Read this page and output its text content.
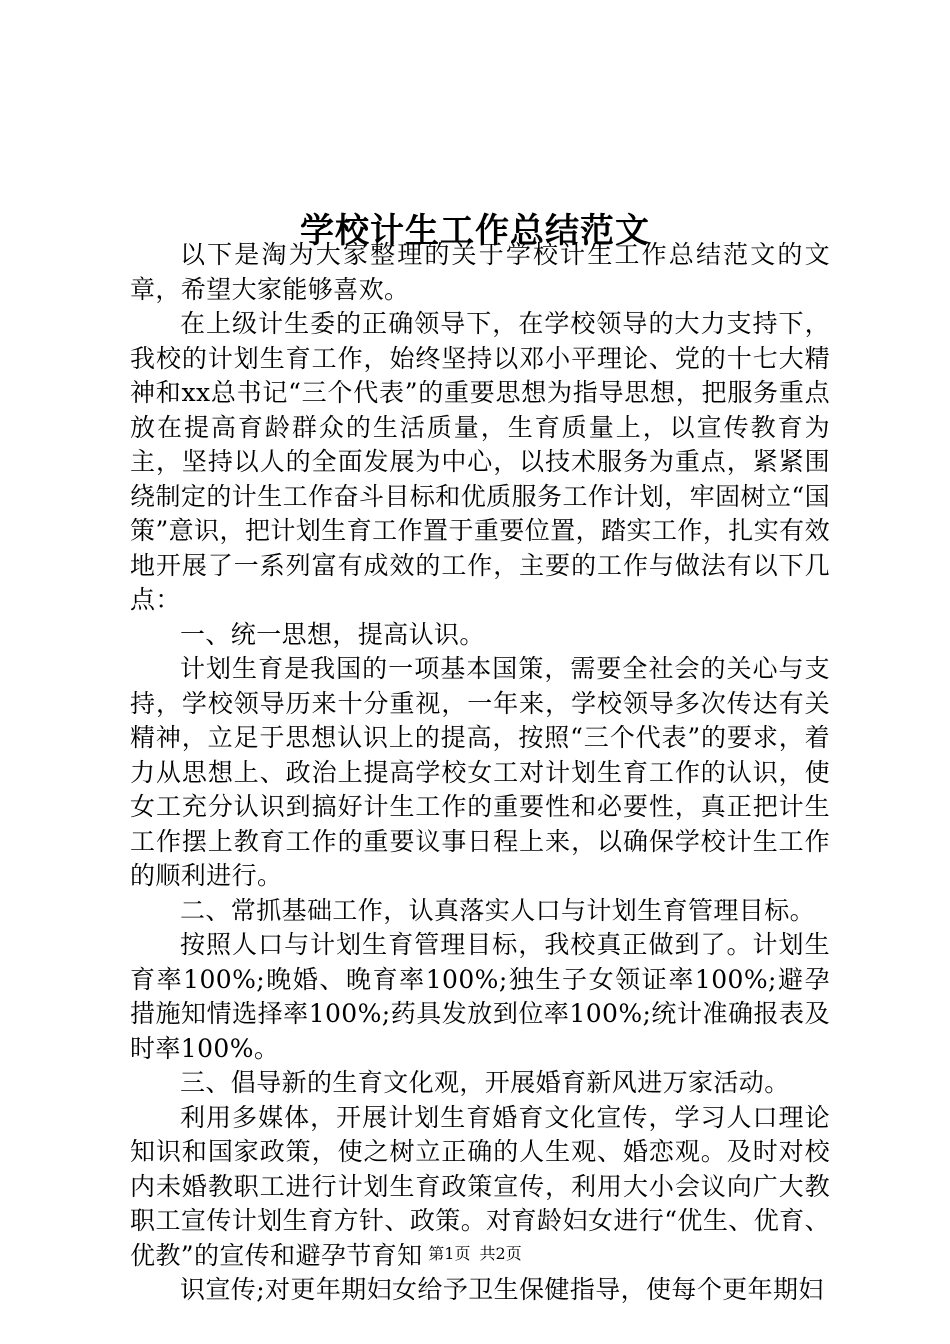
学校计生工作总结范文

以下是淘为大家整理的关于学校计生工作总结范文的文章，希望大家能够喜欢。

在上级计生委的正确领导下，在学校领导的大力支持下，我校的计划生育工作，始终坚持以邓小平理论、党的十七大精神和xx总书记“三个代表”的重要思想为指导思想，把服务重点放在提高育龄群众的生活质量，生育质量上，以宣传教育为主，坚持以人的全面发展为中心，以技术服务为重点，紧紧围绕制定的计生工作奋斗目标和优质服务工作计划，牢固树立“国策”意识，把计划生育工作置于重要位置，踏实工作，扎实有效地开展了一系列富有成效的工作，主要的工作与做法有以下几点：

一、统一思想，提高认识。

计划生育是我国的一项基本国策，需要全社会的关心与支持，学校领导历来十分重视，一年来，学校领导多次传达有关精神，立足于思想认识上的提高，按照“三个代表”的要求，着力从思想上、政治上提高学校女工对计划生育工作的认识，使女工充分认识到搞好计生工作的重要性和必要性，真正把计生工作摆上教育工作的重要议事日程上来，以确保学校计生工作的顺利进行。

二、常抓基础工作，认真落实人口与计划生育管理目标。

按照人口与计划生育管理目标，我校真正做到了。计划生育率100%;晚婚、晚育率100%;独生子女领证率100%;避孕措施知情选择率100%;药具发放到位率100%;统计准确报表及时率100%。

三、倡导新的生育文化观，开展婚育新风进万家活动。

利用多媒体，开展计划生育婚育文化宣传，学习人口理论知识和国家政策，使之树立正确的人生观、婚恋观。及时对校内未婚教职工进行计划生育政策宣传，利用大小会议向广大教职工宣传计划生育方针、政策。对育龄妇女进行“优生、优育、优教”的宣传和避孕节育知

识宣传;对更年期妇女给予卫生保健指导，使每个更年期妇

第1页 共2页
